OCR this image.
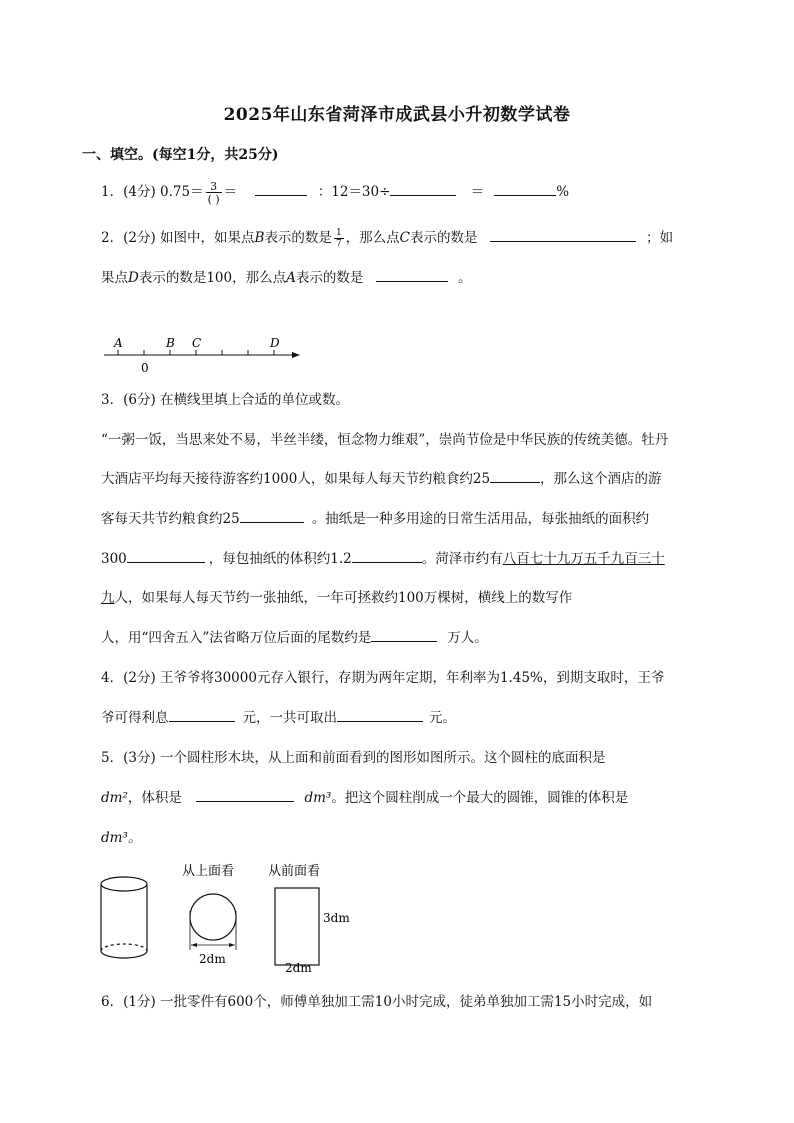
2025年山东省菏泽市成武县小升初数学试卷
一、填空。(每空1分，共25分)
1．(4分) $0.75= \frac{3}{( )}$ ＝	：12＝30÷	＝	%
2．(2分) 如图中，如果点B表示的数是 $\frac{1}{7}$ ，那么点C表示的数是	；如
果点D表示的数是100，那么点A表示的数是	。
A	B C	D
0
3．(6分) 在横线里填上合适的单位或数。
“一粥一饭，当思来处不易，半丝半缕，恒念物力维艰”，崇尚节俭是中华民族的传统美德。牡丹
大酒店平均每天接待游客约1000人，如果每人每天节约粮食约25	，那么这个酒店的游
客每天共节约粮食约25	。抽纸是一种多用途的日常生活用品，每张抽纸的面积约
300	，每包抽纸的体积约1.2	。菏泽市约有八百七十九万五千九百三十
九人，如果每人每天节约一张抽纸，一年可拯救约100万棵树，横线上的数写作
人，用“四舍五入”法省略万位后面的尾数约是	万人。
4．(2分) 王爷爷将30000元存入银行，存期为两年定期，年利率为1.45%，到期支取时，王爷
爷可得利息	元，一共可取出	元。
5．(3分) 一个圆柱形木块，从上面和前面看到的图形如图所示。这个圆柱的底面积是
dm²，体积是	dm³。把这个圆柱削成一个最大的圆锥，圆锥的体积是
dm³。
从上面看
2dm
从前面看
3dm
2dm
6．(1分) 一批零件有600个，师傅单独加工需10小时完成，徒弟单独加工需15小时完成，如
